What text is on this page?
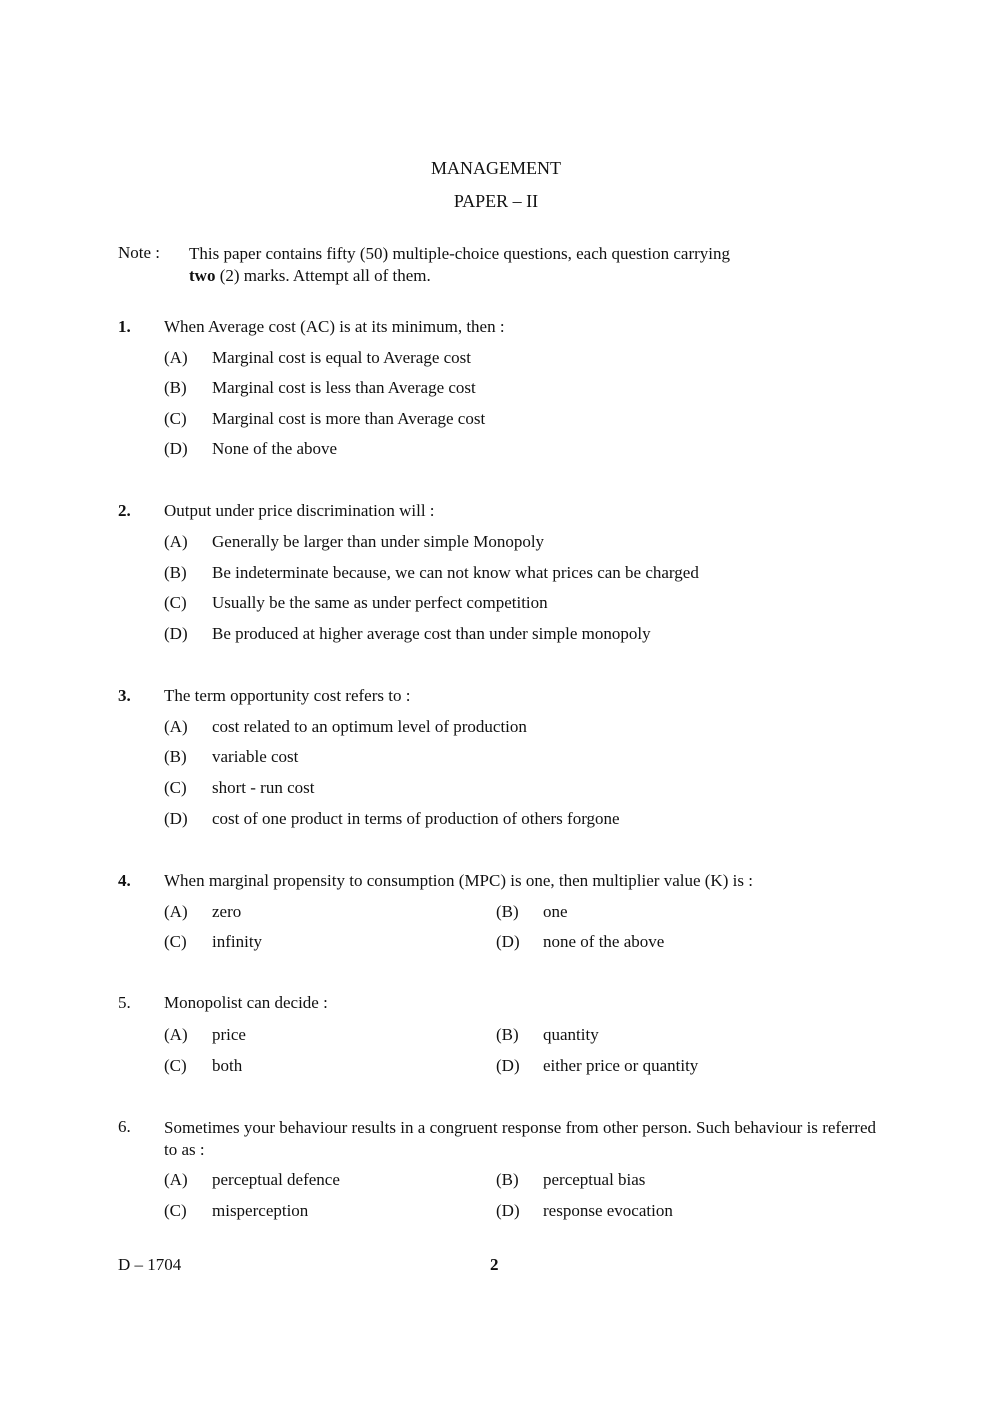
MANAGEMENT
PAPER – II
Note : This paper contains fifty (50) multiple-choice questions, each question carrying
two (2) marks. Attempt all of them.
1. When Average cost (AC) is at its minimum, then :
(A) Marginal cost is equal to Average cost
(B) Marginal cost is less than Average cost
(C) Marginal cost is more than Average cost
(D) None of the above
2. Output under price discrimination will :
(A) Generally be larger than under simple Monopoly
(B) Be indeterminate because, we can not know what prices can be charged
(C) Usually be the same as under perfect competition
(D) Be produced at higher average cost than under simple monopoly
3. The term opportunity cost refers to :
(A) cost related to an optimum level of production
(B) variable cost
(C) short - run cost
(D) cost of one product in terms of production of others forgone
4. When marginal propensity to consumption (MPC) is one, then multiplier value (K) is :
(A) zero	(B) one
(C) infinity	(D) none of the above
5. Monopolist can decide :
(A) price	(B) quantity
(C) both	(D) either price or quantity
6. Sometimes your behaviour results in a congruent response from other person. Such behaviour is referred to as :
(A) perceptual defence	(B) perceptual bias
(C) misperception	(D) response evocation
D – 1704	2
